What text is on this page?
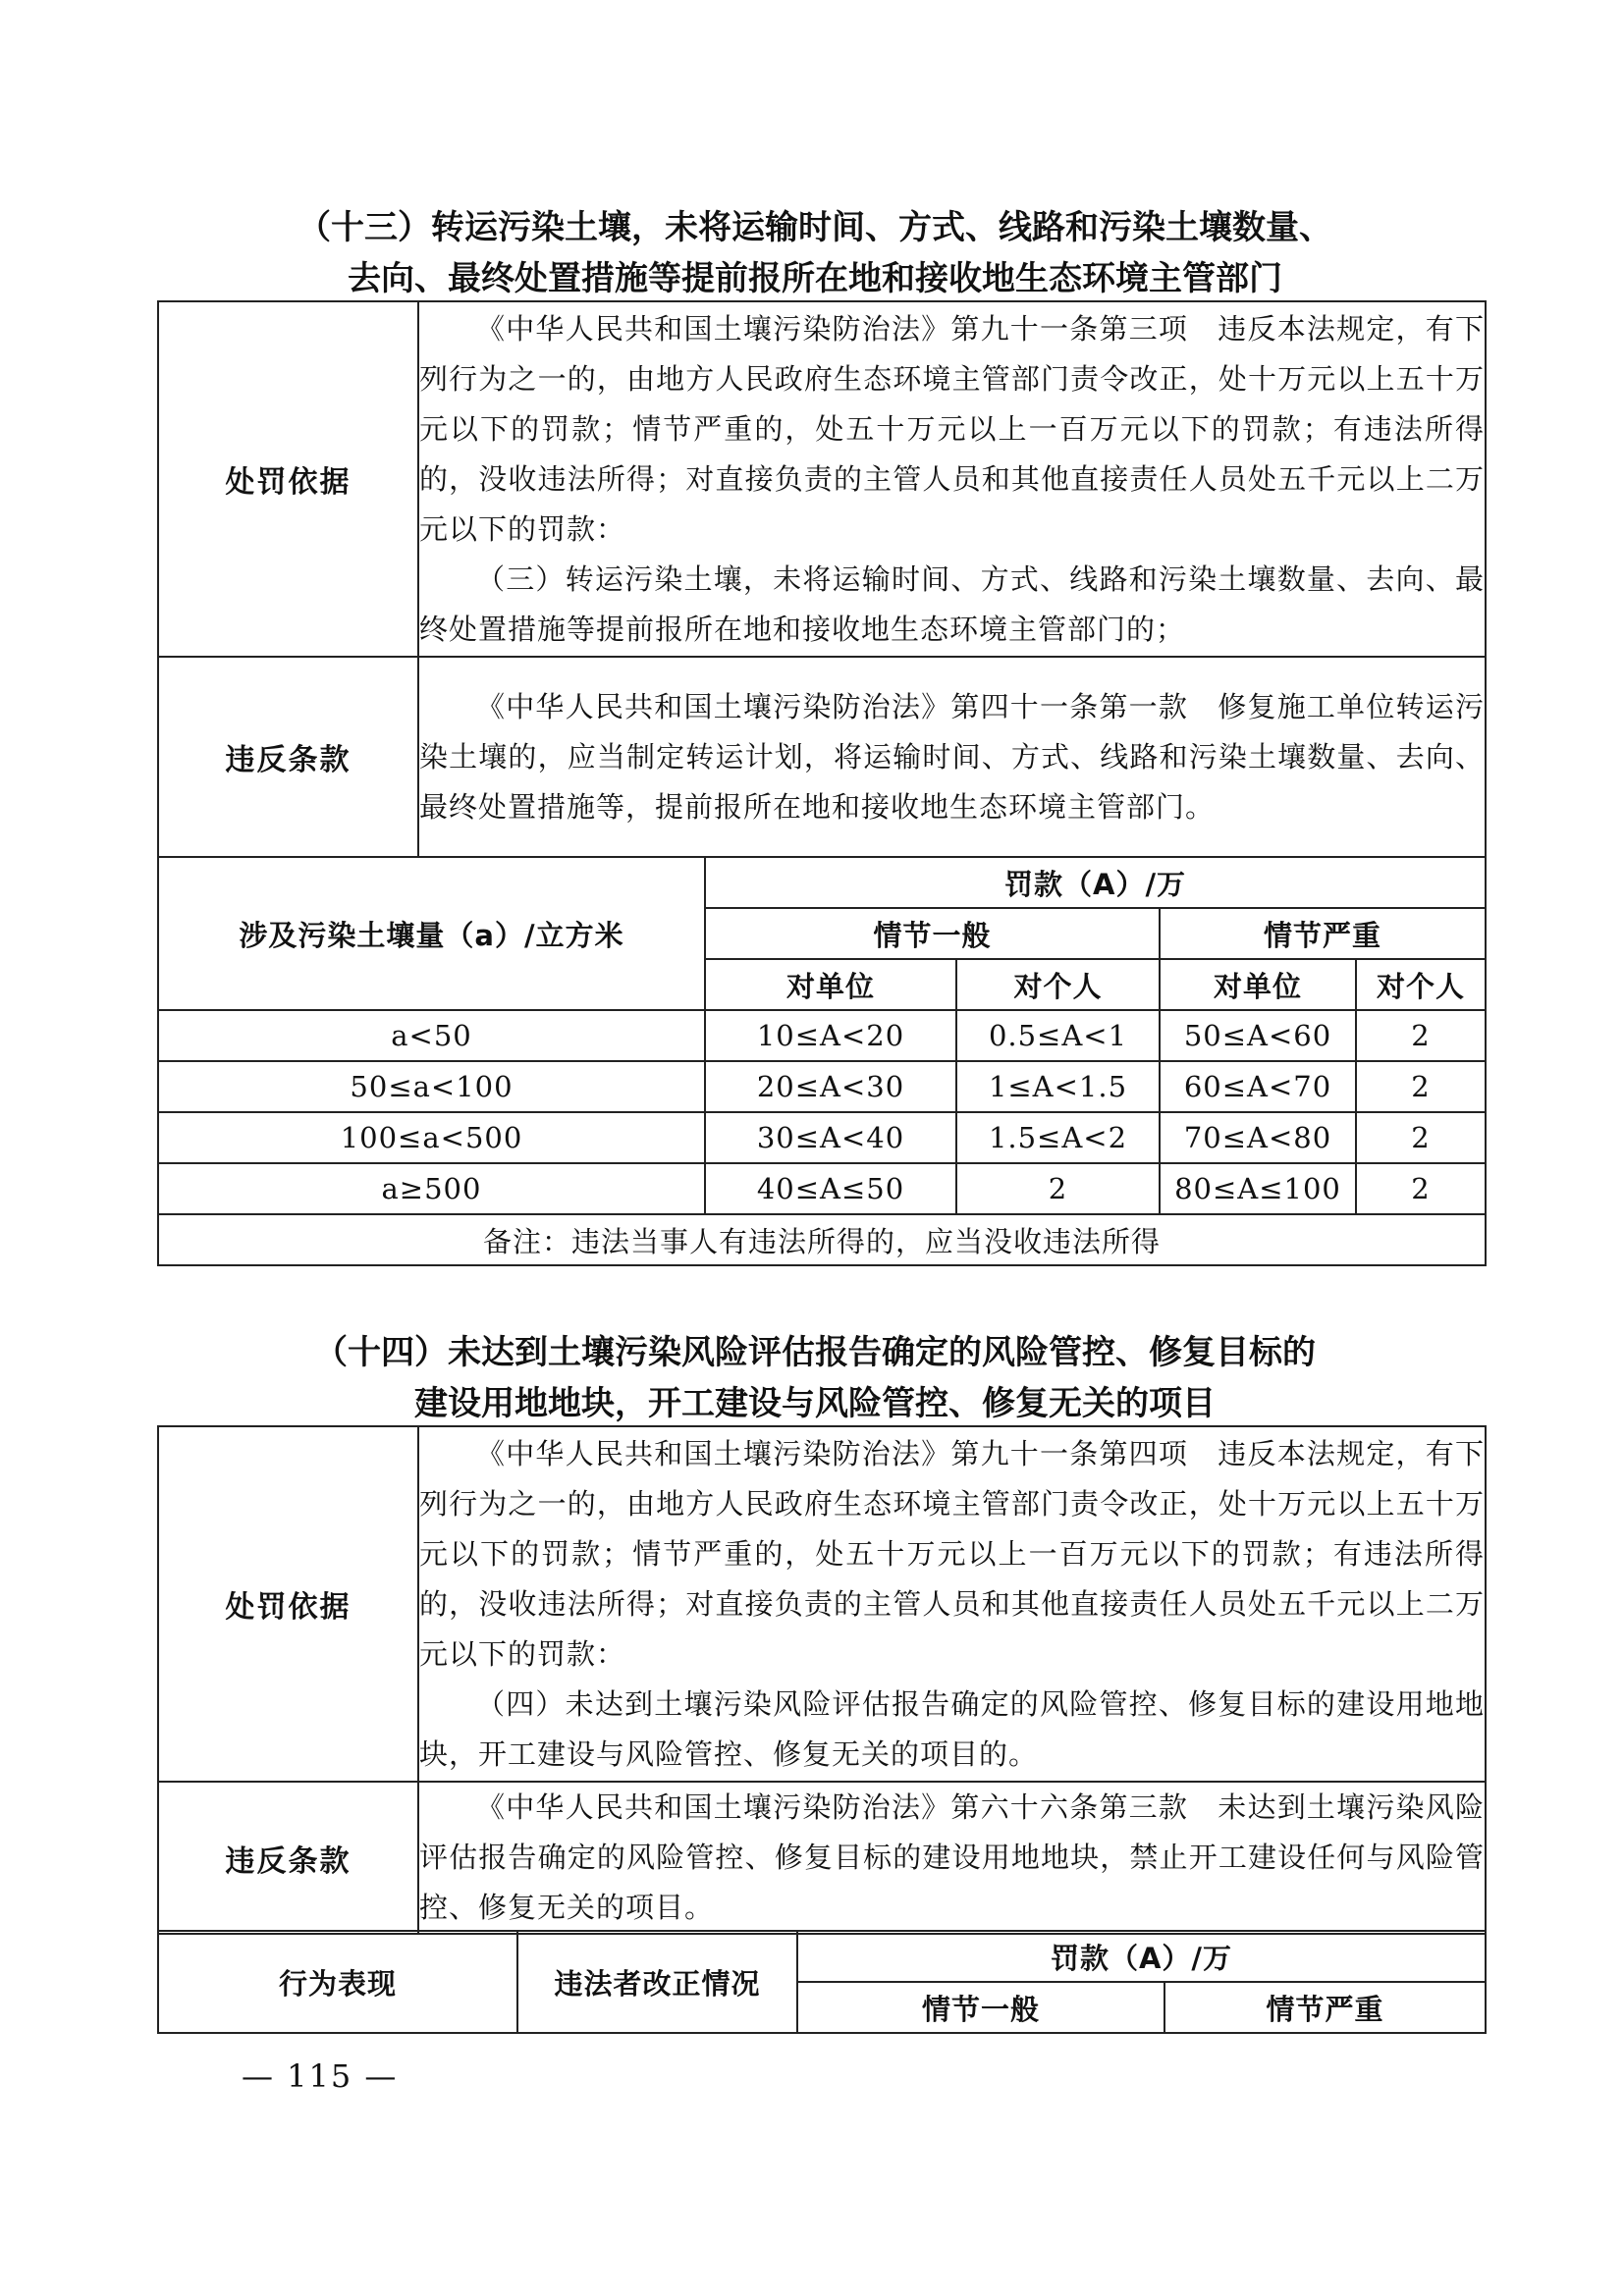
（十三）转运污染土壤，未将运输时间、方式、线路和污染土壤数量、
去向、最终处置措施等提前报所在地和接收地生态环境主管部门
处罚依据	《中华人民共和国土壤污染防治法》第九十一条第三项　违反本法规定，有下列行为之一的，由地方人民政府生态环境主管部门责令改正，处十万元以上五十万元以下的罚款；情节严重的，处五十万元以上一百万元以下的罚款；有违法所得的，没收违法所得；对直接负责的主管人员和其他直接责任人员处五千元以上二万元以下的罚款：

（三）转运污染土壤，未将运输时间、方式、线路和污染土壤数量、去向、最终处置措施等提前报所在地和接收地生态环境主管部门的；

违反条款	《中华人民共和国土壤污染防治法》第四十一条第一款　修复施工单位转运污染土壤的，应当制定转运计划，将运输时间、方式、线路和污染土壤数量、去向、最终处置措施等，提前报所在地和接收地生态环境主管部门。

涉及污染土壤量（a）/立方米	罚款（A）/万			
	情节一般		情节严重	
	对单位	对个人	对单位	对个人
a<50	10≤A<20	0.5≤A<1	50≤A<60	2
50≤a<100	20≤A<30	1≤A<1.5	60≤A<70	2
100≤a<500	30≤A<40	1.5≤A<2	70≤A<80	2
a≥500	40≤A≤50	2	80≤A≤100	2
备注：违法当事人有违法所得的，应当没收违法所得				
（十四）未达到土壤污染风险评估报告确定的风险管控、修复目标的
建设用地地块，开工建设与风险管控、修复无关的项目
处罚依据	《中华人民共和国土壤污染防治法》第九十一条第四项　违反本法规定，有下列行为之一的，由地方人民政府生态环境主管部门责令改正，处十万元以上五十万元以下的罚款；情节严重的，处五十万元以上一百万元以下的罚款；有违法所得的，没收违法所得；对直接负责的主管人员和其他直接责任人员处五千元以上二万元以下的罚款：

（四）未达到土壤污染风险评估报告确定的风险管控、修复目标的建设用地地块，开工建设与风险管控、修复无关的项目的。

违反条款	《中华人民共和国土壤污染防治法》第六十六条第三款　未达到土壤污染风险评估报告确定的风险管控、修复目标的建设用地地块，禁止开工建设任何与风险管控、修复无关的项目。

行为表现	违法者改正情况	罚款（A）/万	
		情节一般	情节严重
— 115 —
